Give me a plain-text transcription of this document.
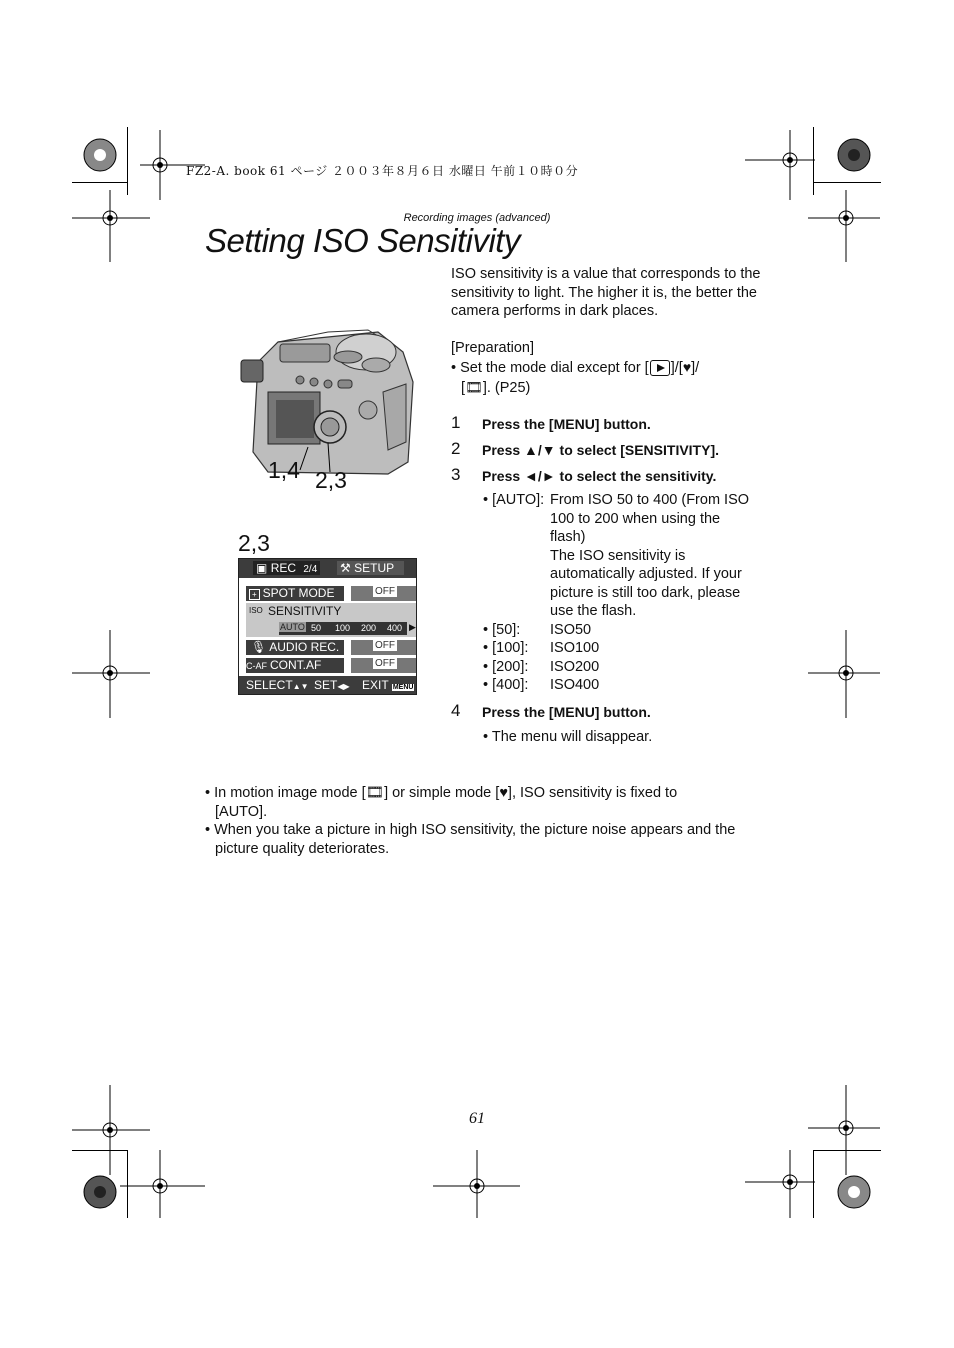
FZ2-A. book 61 ページ ２００３年８月６日 水曜日 午前１０時０分
Recording images (advanced)
Setting ISO Sensitivity
1,4 2,3
2,3
▣ REC 2/4 ⚒ SETUP
+ SPOT MODE	OFF
ISO SENSITIVITY
AUTO 50 100 200 400 ▶
🎙 AUDIO REC.	OFF
C-AF CONT.AF	OFF
SELECT▲▼ SET◀▶ EXIT MENU
ISO sensitivity is a value that corresponds to the sensitivity to light. The higher it is, the better the camera performs in dark places.
[Preparation]
• Set the mode dial except for [ ]/[♥]/
[🎞]. (P25)
1 Press the [MENU] button.
2 Press ▲/▼ to select [SENSITIVITY].
3 Press ◄/► to select the sensitivity.
• [AUTO]: From ISO 50 to 400 (From ISO
100 to 200 when using the
flash)
The ISO sensitivity is
automatically adjusted. If your
picture is still too dark, please
use the flash.
• [50]: ISO50
• [100]: ISO100
• [200]: ISO200
• [400]: ISO400
4 Press the [MENU] button.
• The menu will disappear.
• In motion image mode [🎞] or simple mode [♥], ISO sensitivity is fixed to
[AUTO].
• When you take a picture in high ISO sensitivity, the picture noise appears and the
picture quality deteriorates.
61
